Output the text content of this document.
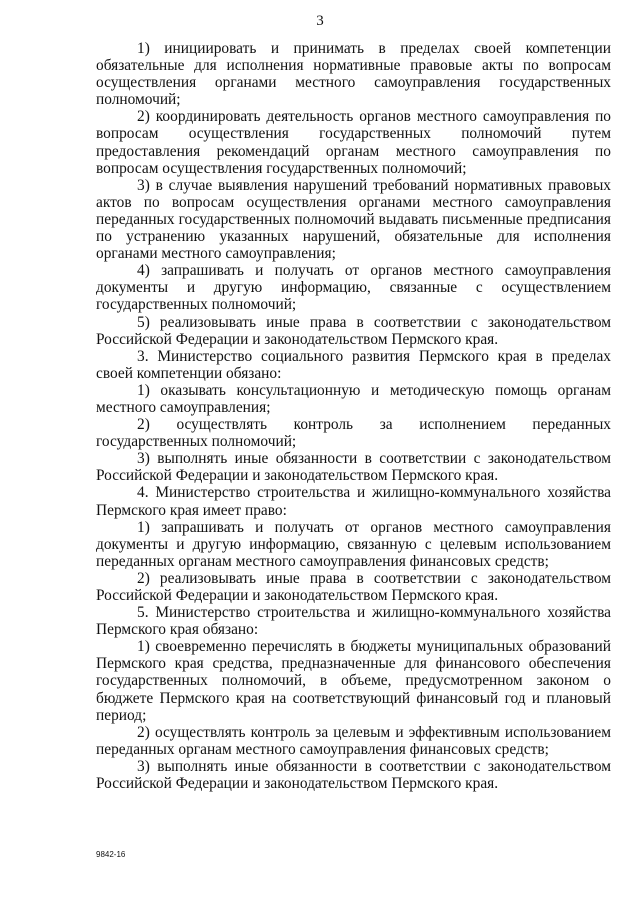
3

1) инициировать и принимать в пределах своей компетенции обязательные для исполнения нормативные правовые акты по вопросам осуществления органами местного самоуправления государственных полномочий;

2) координировать деятельность органов местного самоуправления по вопросам осуществления государственных полномочий путем предоставления рекомендаций органам местного самоуправления по вопросам осуществления государственных полномочий;

3) в случае выявления нарушений требований нормативных правовых актов по вопросам осуществления органами местного самоуправления переданных государственных полномочий выдавать письменные предписания по устранению указанных нарушений, обязательные для исполнения органами местного самоуправления;

4) запрашивать и получать от органов местного самоуправления документы и другую информацию, связанные с осуществлением государственных полномочий;

5) реализовывать иные права в соответствии с законодательством Российской Федерации и законодательством Пермского края.

3. Министерство социального развития Пермского края в пределах своей компетенции обязано:

1) оказывать консультационную и методическую помощь органам местного самоуправления;

2) осуществлять контроль за исполнением переданных государственных полномочий;

3) выполнять иные обязанности в соответствии с законодательством Российской Федерации и законодательством Пермского края.

4. Министерство строительства и жилищно-коммунального хозяйства Пермского края имеет право:

1) запрашивать и получать от органов местного самоуправления документы и другую информацию, связанную с целевым использованием переданных органам местного самоуправления финансовых средств;

2) реализовывать иные права в соответствии с законодательством Российской Федерации и законодательством Пермского края.

5. Министерство строительства и жилищно-коммунального хозяйства Пермского края обязано:

1) своевременно перечислять в бюджеты муниципальных образований Пермского края средства, предназначенные для финансового обеспечения государственных полномочий, в объеме, предусмотренном законом о бюджете Пермского края на соответствующий финансовый год и плановый период;

2) осуществлять контроль за целевым и эффективным использованием переданных органам местного самоуправления финансовых средств;

3) выполнять иные обязанности в соответствии с законодательством Российской Федерации и законодательством Пермского края.

9842-16
